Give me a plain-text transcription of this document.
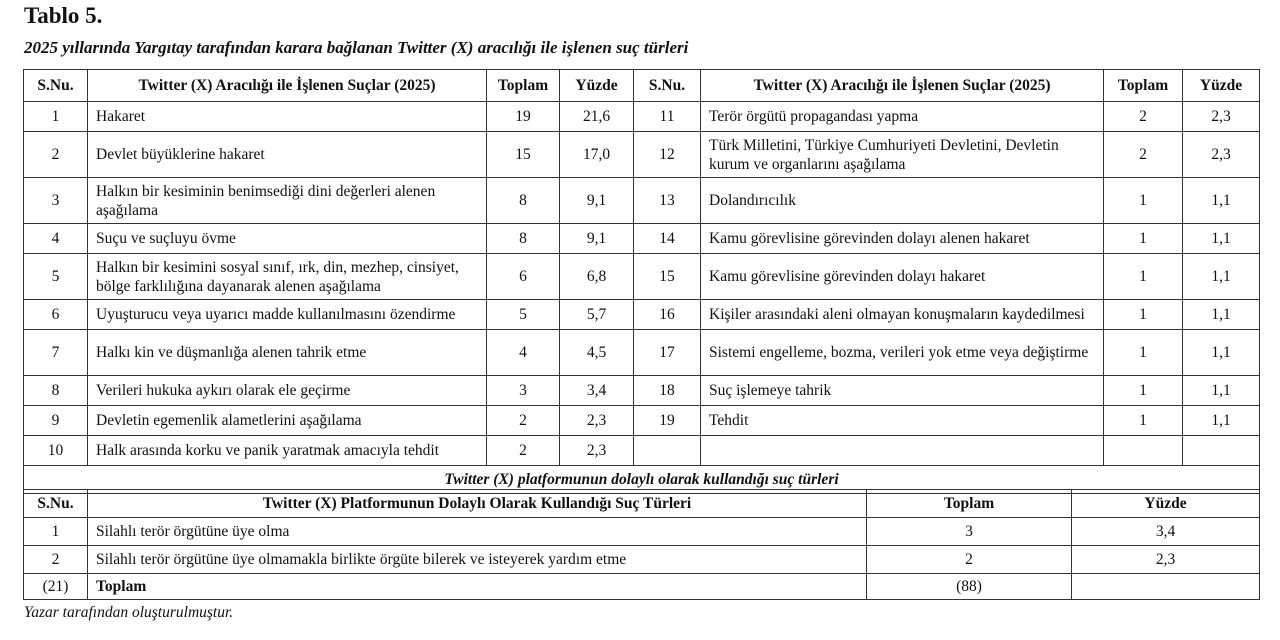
Tablo 5.
2025 yıllarında Yargıtay tarafından karara bağlanan Twitter (X) aracılığı ile işlenen suç türleri
S.Nu.	Twitter (X) Aracılığı ile İşlenen Suçlar (2025)	Toplam	Yüzde	S.Nu.	Twitter (X) Aracılığı ile İşlenen Suçlar (2025)	Toplam	Yüzde
1	Hakaret	19	21,6	11	Terör örgütü propagandası yapma	2	2,3
2	Devlet büyüklerine hakaret	15	17,0	12	Türk Milletini, Türkiye Cumhuriyeti Devletini, Devletin kurum ve organlarını aşağılama	2	2,3
3	Halkın bir kesiminin benimsediği dini değerleri alenen aşağılama	8	9,1	13	Dolandırıcılık	1	1,1
4	Suçu ve suçluyu övme	8	9,1	14	Kamu görevlisine görevinden dolayı alenen hakaret	1	1,1
5	Halkın bir kesimini sosyal sınıf, ırk, din, mezhep, cinsiyet, bölge farklılığına dayanarak alenen aşağılama	6	6,8	15	Kamu görevlisine görevinden dolayı hakaret	1	1,1
6	Uyuşturucu veya uyarıcı madde kullanılmasını özendirme	5	5,7	16	Kişiler arasındaki aleni olmayan konuşmaların kaydedilmesi	1	1,1
7	Halkı kin ve düşmanlığa alenen tahrik etme	4	4,5	17	Sistemi engelleme, bozma, verileri yok etme veya değiştirme	1	1,1
8	Verileri hukuka aykırı olarak ele geçirme	3	3,4	18	Suç işlemeye tahrik	1	1,1
9	Devletin egemenlik alametlerini aşağılama	2	2,3	19	Tehdit	1	1,1
10	Halk arasında korku ve panik yaratmak amacıyla tehdit	2	2,3				
Twitter (X) platformunun dolaylı olarak kullandığı suç türleri							
S.Nu.	Twitter (X) Platformunun Dolaylı Olarak Kullandığı Suç Türleri	Toplam	Yüzde
1	Silahlı terör örgütüne üye olma	3	3,4
2	Silahlı terör örgütüne üye olmamakla birlikte örgüte bilerek ve isteyerek yardım etme	2	2,3
(21)	Toplam	(88)	
Yazar tarafından oluşturulmuştur.
